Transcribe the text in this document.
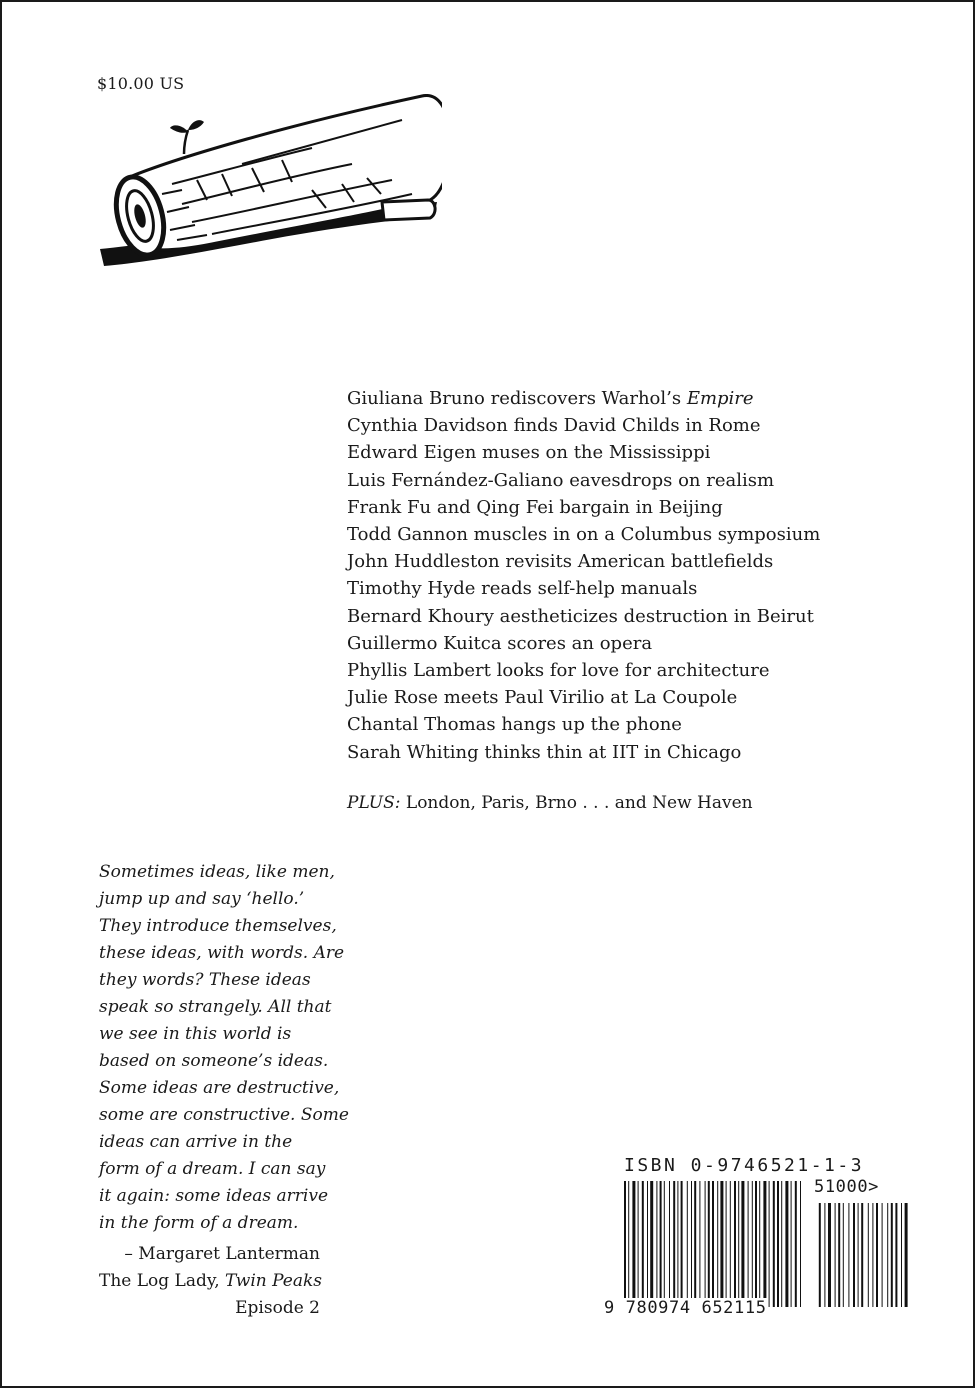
$10.00 US
Giuliana Bruno rediscovers Warhol’s Empire
Cynthia Davidson finds David Childs in Rome
Edward Eigen muses on the Mississippi
Luis Fernández-Galiano eavesdrops on realism
Frank Fu and Qing Fei bargain in Beijing
Todd Gannon muscles in on a Columbus symposium
John Huddleston revisits American battlefields
Timothy Hyde reads self-help manuals
Bernard Khoury aestheticizes destruction in Beirut
Guillermo Kuitca scores an opera
Phyllis Lambert looks for love for architecture
Julie Rose meets Paul Virilio at La Coupole
Chantal Thomas hangs up the phone
Sarah Whiting thinks thin at IIT in Chicago
PLUS: London, Paris, Brno . . . and New Haven
Sometimes ideas, like men,
jump up and say ‘hello.’
They introduce themselves,
these ideas, with words. Are
they words? These ideas
speak so strangely. All that
we see in this world is
based on someone’s ideas.
Some ideas are destructive,
some are constructive. Some
ideas can arrive in the
form of a dream. I can say
it again: some ideas arrive
in the form of a dream.
– Margaret Lanterman
The Log Lady, Twin Peaks
Episode 2
ISBN 0-9746521-1-3
9 780974 652115
51000>
